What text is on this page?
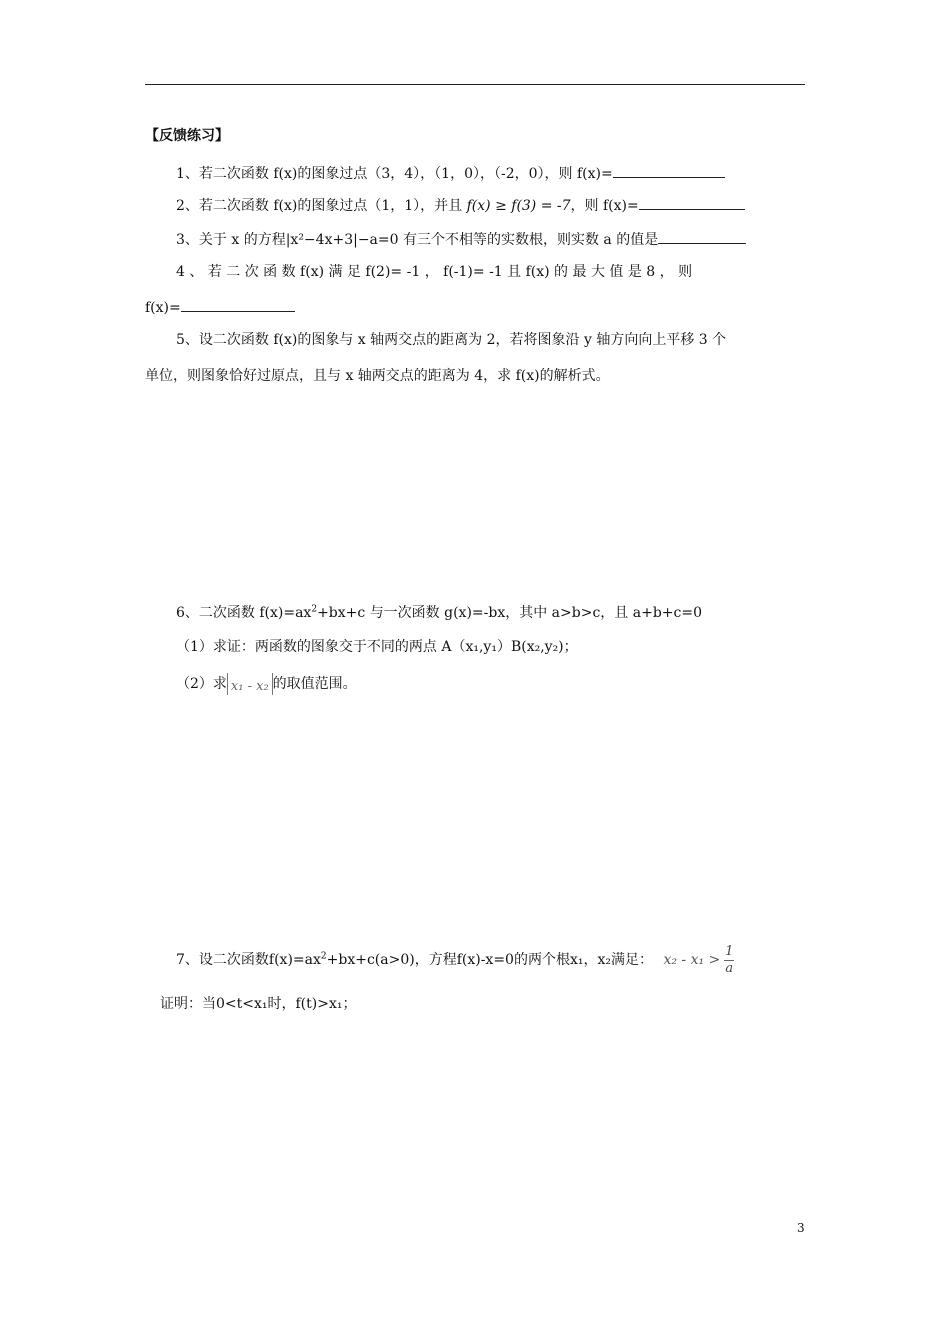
【反馈练习】
1、若二次函数 f(x)的图象过点（3，4），（1，0），（-2，0），则 f(x)=
2、若二次函数 f(x)的图象过点（1，1），并且 f(x) ≥ f(3) = -7，则 f(x)=
3、关于 x 的方程|x²−4x+3|−a=0 有三个不相等的实数根，则实数 a 的值是
4 、 若 二 次 函 数 f(x) 满 足 f(2)= -1 ， f(-1)= -1 且 f(x) 的 最 大 值 是 8 ， 则
f(x)=
5、设二次函数 f(x)的图象与 x 轴两交点的距离为 2，若将图象沿 y 轴方向向上平移 3 个
单位，则图象恰好过原点，且与 x 轴两交点的距离为 4，求 f(x)的解析式。
6、二次函数 $f(x)=ax^2+bx+c$ 与一次函数 g(x)=-bx，其中 a>b>c，且 a+b+c=0
（1）求证：两函数的图象交于不同的两点 A（x₁,y₁）B(x₂,y₂)；
（2）求 x₁ - x₂ 的取值范围。
7、设二次函数$f(x)=ax^2+bx+c(a>0)$，方程f(x)-x=0的两个根x₁，x₂满足： $x_2 - x_1 > \frac{1}{a}$
证明：当0<t<x₁时，f(t)>x₁；
3
